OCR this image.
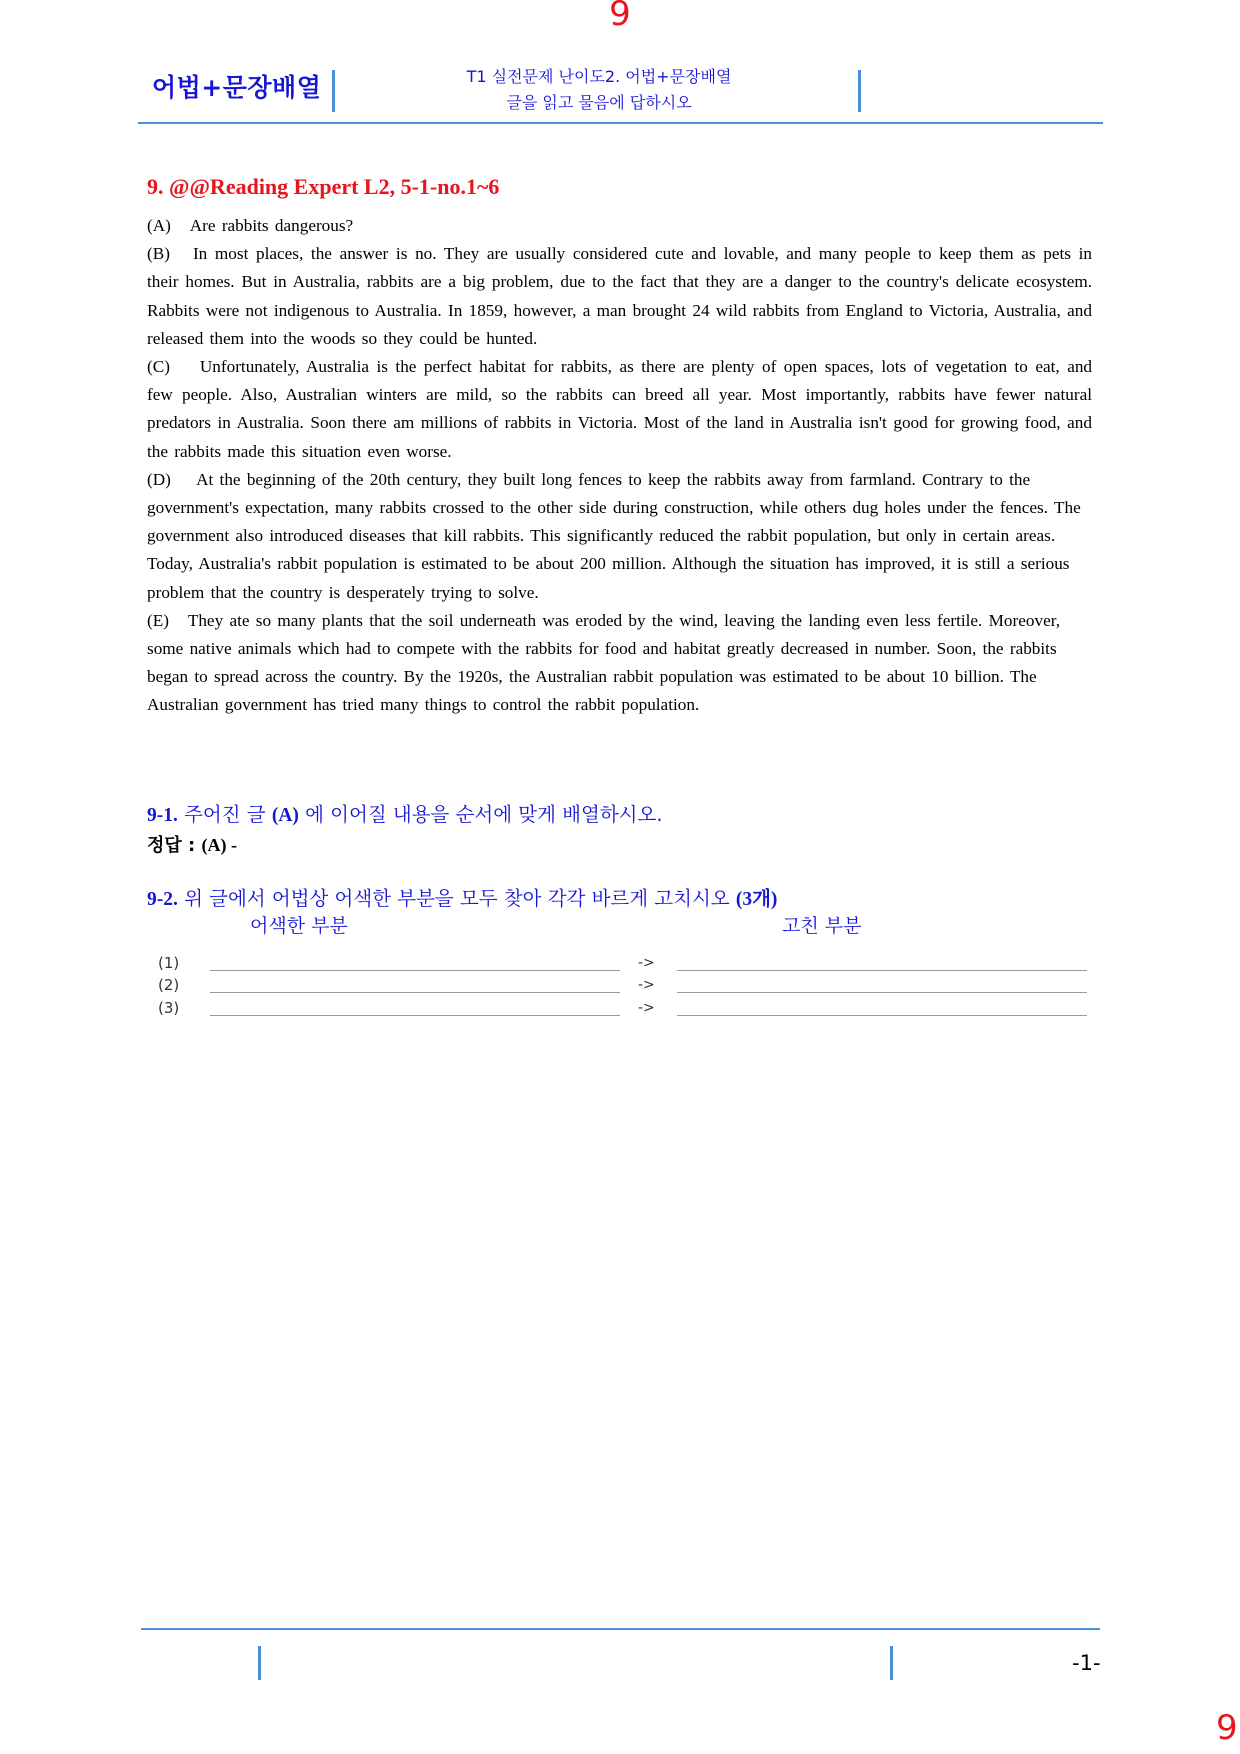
9
어법+문장배열	T1 실전문제 난이도2. 어법+문장배열
글을 읽고 물음에 답하시오
9. @@Reading Expert L2, 5-1-no.1~6

(A) Are rabbits dangerous?

(B) In most places, the answer is no. They are usually considered cute and lovable, and many people to keep them as pets in their homes. But in Australia, rabbits are a big problem, due to the fact that they are a danger to the country's delicate ecosystem. Rabbits were not indigenous to Australia. In 1859, however, a man brought 24 wild rabbits from England to Victoria, Australia, and released them into the woods so they could be hunted.

(C) Unfortunately, Australia is the perfect habitat for rabbits, as there are plenty of open spaces, lots of vegetation to eat, and few people. Also, Australian winters are mild, so the rabbits can breed all year. Most importantly, rabbits have fewer natural predators in Australia. Soon there am millions of rabbits in Victoria. Most of the land in Australia isn't good for growing food, and the rabbits made this situation even worse.

(D) At the beginning of the 20th century, they built long fences to keep the rabbits away from farmland. Contrary to the government's expectation, many rabbits crossed to the other side during construction, while others dug holes under the fences. The government also introduced diseases that kill rabbits. This significantly reduced the rabbit population, but only in certain areas. Today, Australia's rabbit population is estimated to be about 200 million. Although the situation has improved, it is still a serious problem that the country is desperately trying to solve.

(E) They ate so many plants that the soil underneath was eroded by the wind, leaving the landing even less fertile. Moreover, some native animals which had to compete with the rabbits for food and habitat greatly decreased in number. Soon, the rabbits began to spread across the country. By the 1920s, the Australian rabbit population was estimated to be about 10 billion. The Australian government has tried many things to control the rabbit population.

9-1. 주어진 글 (A) 에 이어질 내용을 순서에 맞게 배열하시오.
정답 : (A) -
9-2. 위 글에서 어법상 어색한 부분을 모두 찾아 각각 바르게 고치시오 (3개)
어색한 부분	고친 부분
(1)	->
(2)	->
(3)	->
-1-
9
